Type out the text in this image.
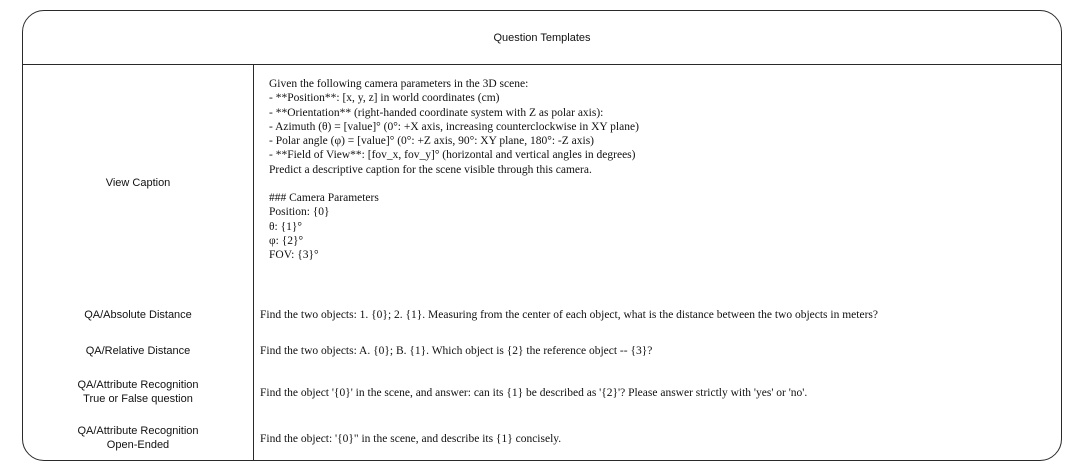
Question Templates
View Caption
Given the following camera parameters in the 3D scene:
- **Position**: [x, y, z] in world coordinates (cm)
- **Orientation** (right-handed coordinate system with Z as polar axis):
- Azimuth (θ) = [value]° (0°: +X axis, increasing counterclockwise in XY plane)
- Polar angle (φ) = [value]° (0°: +Z axis, 90°: XY plane, 180°: -Z axis)
- **Field of View**: [fov_x, fov_y]° (horizontal and vertical angles in degrees)
Predict a descriptive caption for the scene visible through this camera.
### Camera Parameters
Position: {0}
θ: {1}°
φ: {2}°
FOV: {3}°
QA/Absolute Distance	Find the two objects: 1. {0}; 2. {1}. Measuring from the center of each object, what is the distance between the two objects in meters?
QA/Relative Distance	Find the two objects: A. {0}; B. {1}. Which object is {2} the reference object -- {3}?
QA/Attribute Recognition
True or False question	Find the object '{0}' in the scene, and answer: can its {1} be described as '{2}'? Please answer strictly with 'yes' or 'no'.
QA/Attribute Recognition
Open-Ended	Find the object: '{0}" in the scene, and describe its {1} concisely.
